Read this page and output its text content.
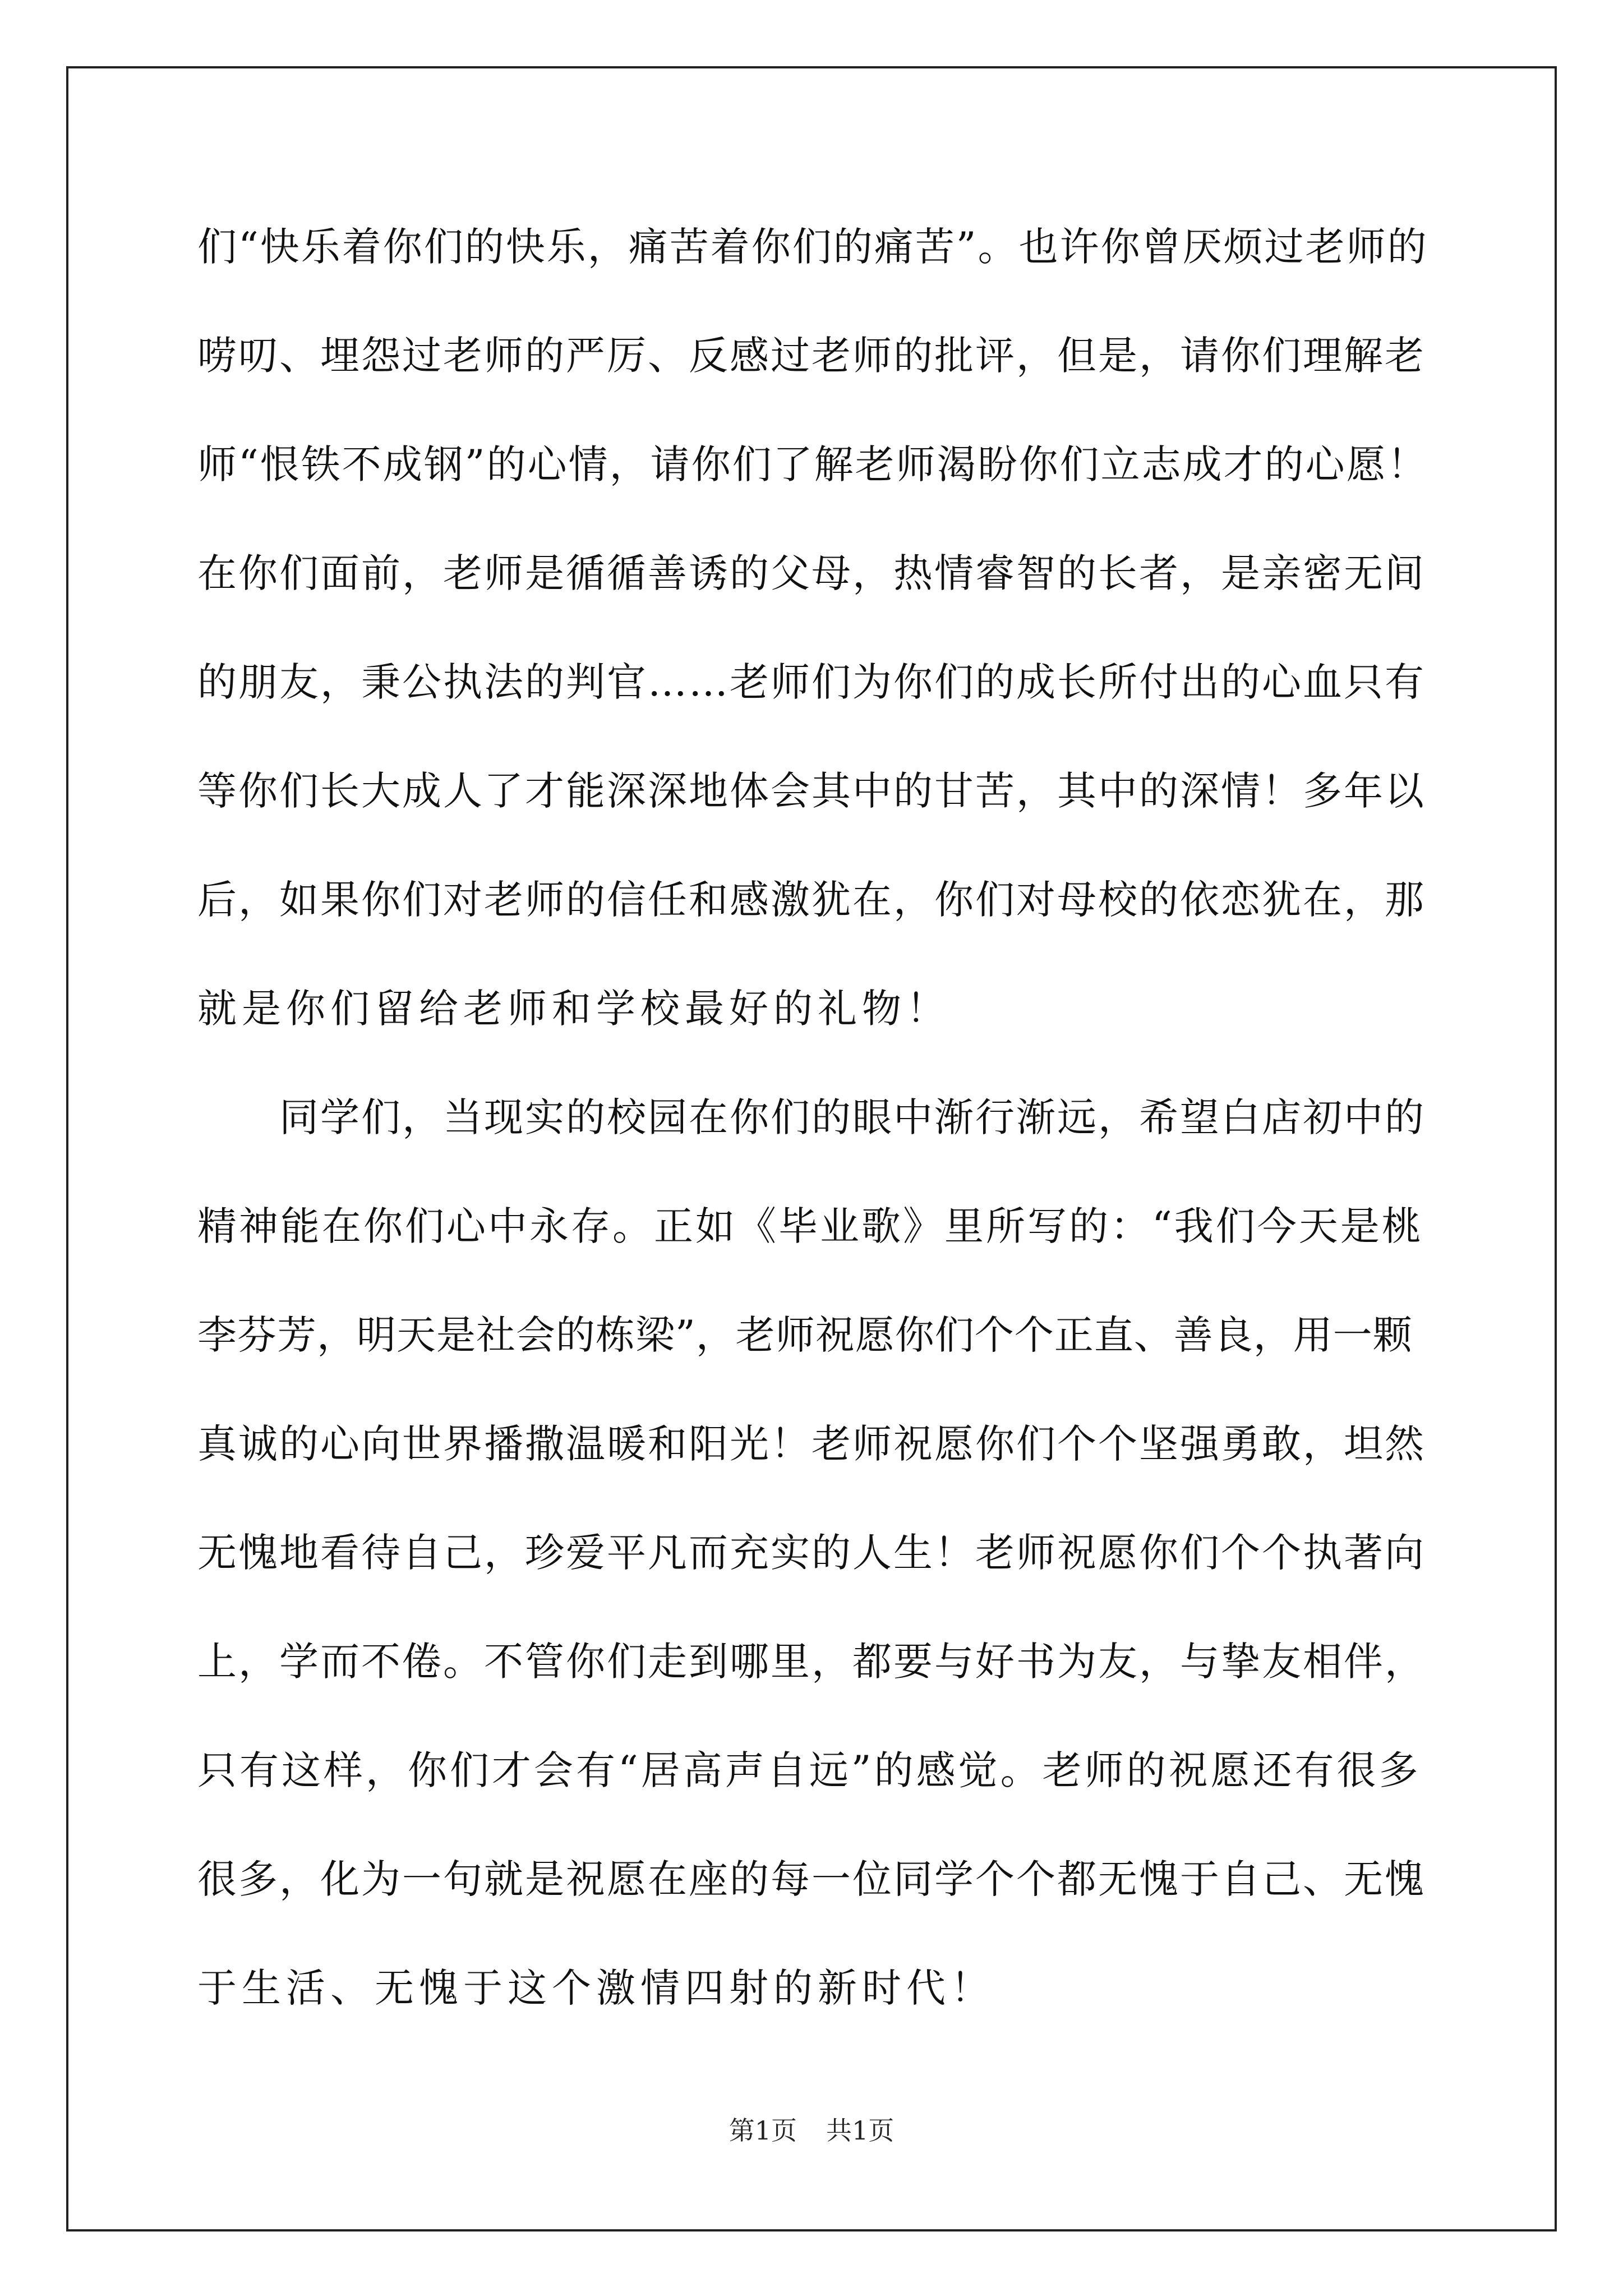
们“快乐着你们的快乐，痛苦着你们的痛苦”。也许你曾厌烦过老师的
唠叨、埋怨过老师的严厉、反感过老师的批评，但是，请你们理解老
师“恨铁不成钢”的心情，请你们了解老师渴盼你们立志成才的心愿！
在你们面前，老师是循循善诱的父母，热情睿智的长者，是亲密无间
的朋友，秉公执法的判官……老师们为你们的成长所付出的心血只有
等你们长大成人了才能深深地体会其中的甘苦，其中的深情！多年以
后，如果你们对老师的信任和感激犹在，你们对母校的依恋犹在，那
就是你们留给老师和学校最好的礼物！
　　同学们，当现实的校园在你们的眼中渐行渐远，希望白店初中的
精神能在你们心中永存。正如《毕业歌》里所写的：“我们今天是桃
李芬芳，明天是社会的栋梁”，老师祝愿你们个个正直、善良，用一颗
真诚的心向世界播撒温暖和阳光！老师祝愿你们个个坚强勇敢，坦然
无愧地看待自己，珍爱平凡而充实的人生！老师祝愿你们个个执著向
上，学而不倦。不管你们走到哪里，都要与好书为友，与挚友相伴，
只有这样，你们才会有“居高声自远”的感觉。老师的祝愿还有很多
很多，化为一句就是祝愿在座的每一位同学个个都无愧于自己、无愧
于生活、无愧于这个激情四射的新时代！
第1页 共1页
